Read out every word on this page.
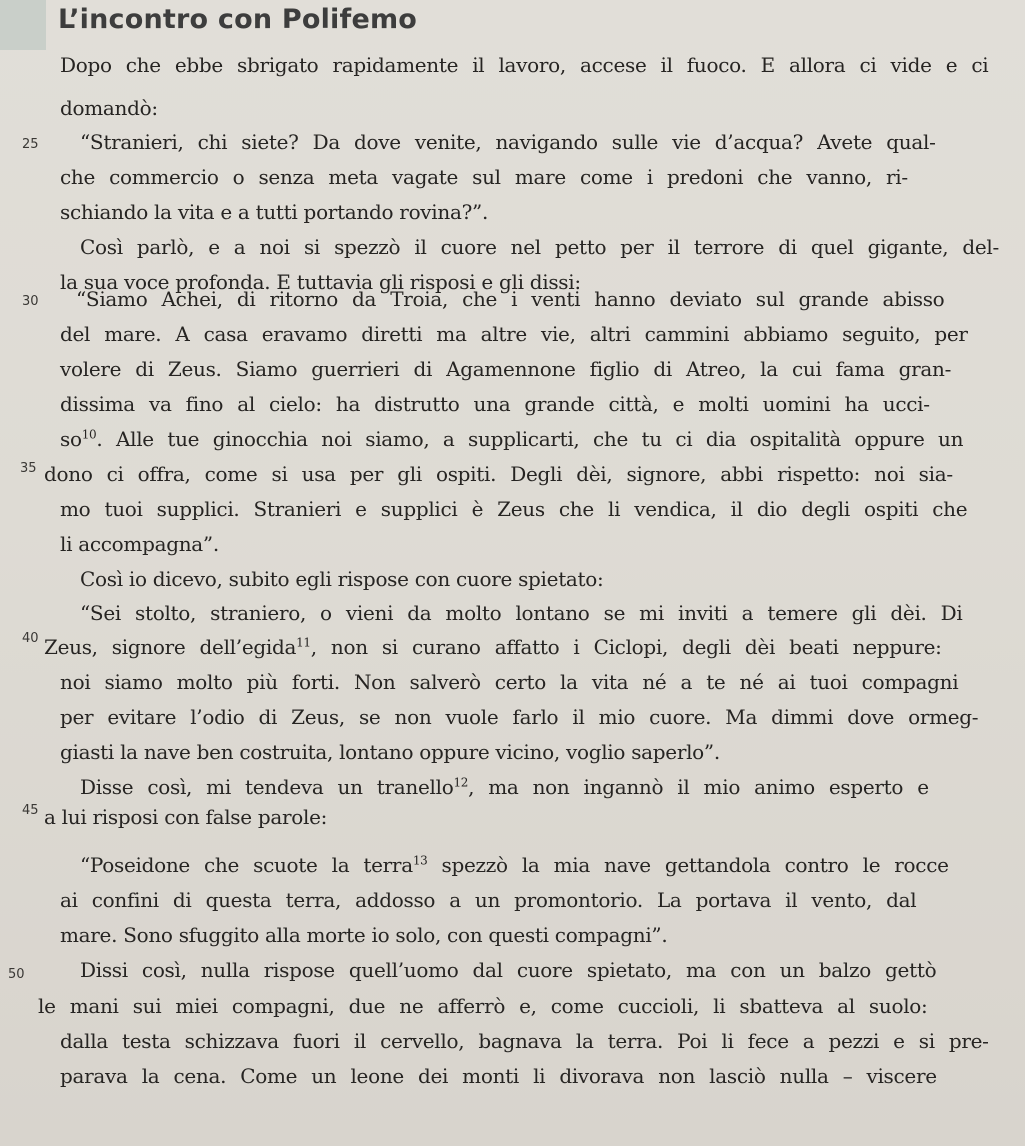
L’incontro con Polifemo
25
30
35
40
45
50
Dopo che ebbe sbrigato rapidamente il lavoro, accese il fuoco. E allora ci vide e ci
domandò:
“Stranieri, chi siete? Da dove venite, navigando sulle vie d’acqua? Avete qual-
che commercio o senza meta vagate sul mare come i predoni che vanno, ri-
schiando la vita e a tutti portando rovina?”.
Così parlò, e a noi si spezzò il cuore nel petto per il terrore di quel gigante, del-
la sua voce profonda. E tuttavia gli risposi e gli dissi:
“Siamo Achei, di ritorno da Troia, che i venti hanno deviato sul grande abisso
del mare. A casa eravamo diretti ma altre vie, altri cammini abbiamo seguito, per
volere di Zeus. Siamo guerrieri di Agamennone figlio di Atreo, la cui fama gran-
dissima va fino al cielo: ha distrutto una grande città, e molti uomini ha ucci-
$so^{10}$. Alle tue ginocchia noi siamo, a supplicarti, che tu ci dia ospitalità oppure un
dono ci offra, come si usa per gli ospiti. Degli dèi, signore, abbi rispetto: noi sia-
mo tuoi supplici. Stranieri e supplici è Zeus che li vendica, il dio degli ospiti che
li accompagna”.
Così io dicevo, subito egli rispose con cuore spietato:
“Sei stolto, straniero, o vieni da molto lontano se mi inviti a temere gli dèi. Di
Zeus, signore dell’egida$^{11}$, non si curano affatto i Ciclopi, degli dèi beati neppure:
noi siamo molto più forti. Non salverò certo la vita né a te né ai tuoi compagni
per evitare l’odio di Zeus, se non vuole farlo il mio cuore. Ma dimmi dove ormeg-
giasti la nave ben costruita, lontano oppure vicino, voglio saperlo”.
Disse così, mi tendeva un tranello$^{12}$, ma non ingannò il mio animo esperto e
a lui risposi con false parole:
“Poseidone che scuote la terra$^{13}$ spezzò la mia nave gettandola contro le rocce
ai confini di questa terra, addosso a un promontorio. La portava il vento, dal
mare. Sono sfuggito alla morte io solo, con questi compagni”.
Dissi così, nulla rispose quell’uomo dal cuore spietato, ma con un balzo gettò
le mani sui miei compagni, due ne afferrò e, come cuccioli, li sbatteva al suolo:
dalla testa schizzava fuori il cervello, bagnava la terra. Poi li fece a pezzi e si pre-
parava la cena. Come un leone dei monti li divorava non lasciò nulla – viscere
